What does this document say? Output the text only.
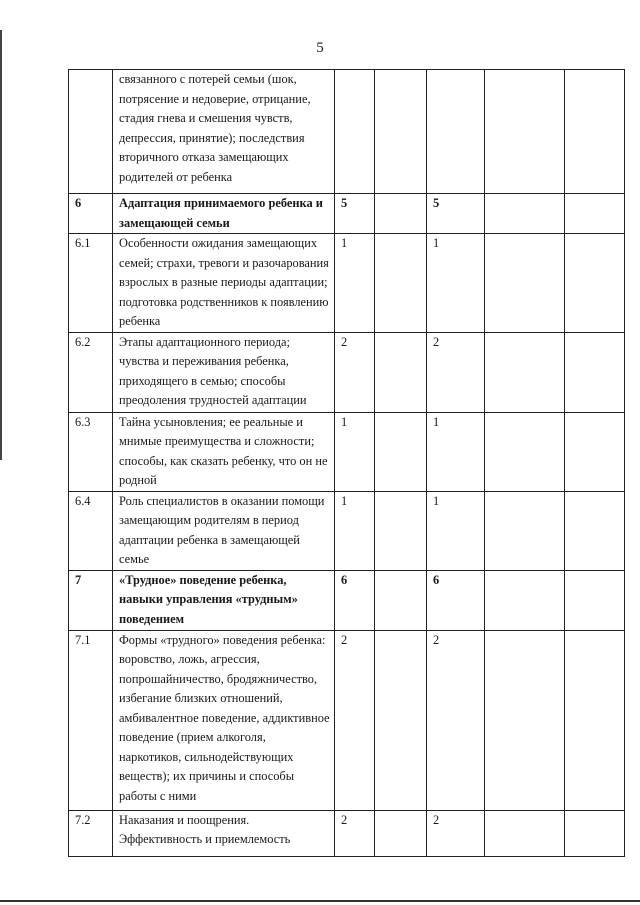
5
	связанного с потерей семьи (шок, потрясение и недоверие, отрицание, стадия гнева и смешения чувств, депрессия, принятие); последствия вторичного отказа замещающих родителей от ребенка					
6	Адаптация принимаемого ребенка и замещающей семьи	5		5		
6.1	Особенности ожидания замещающих семей; страхи, тревоги и разочарования взрослых в разные периоды адаптации; подготовка родственников к появлению ребенка	1		1		
6.2	Этапы адаптационного периода; чувства и переживания ребенка, приходящего в семью; способы преодоления трудностей адаптации	2		2		
6.3	Тайна усыновления; ее реальные и мнимые преимущества и сложности; способы, как сказать ребенку, что он не родной	1		1		
6.4	Роль специалистов в оказании помощи замещающим родителям в период адаптации ребенка в замещающей семье	1		1		
7	«Трудное» поведение ребенка, навыки управления «трудным» поведением	6		6		
7.1	Формы «трудного» поведения ребенка: воровство, ложь, агрессия, попрошайничество, бродяжничество, избегание близких отношений, амбивалентное поведение, аддиктивное поведение (прием алкоголя, наркотиков, сильнодействующих веществ); их причины и способы работы с ними	2		2		
7.2	Наказания и поощрения. Эффективность и приемлемость	2		2		
